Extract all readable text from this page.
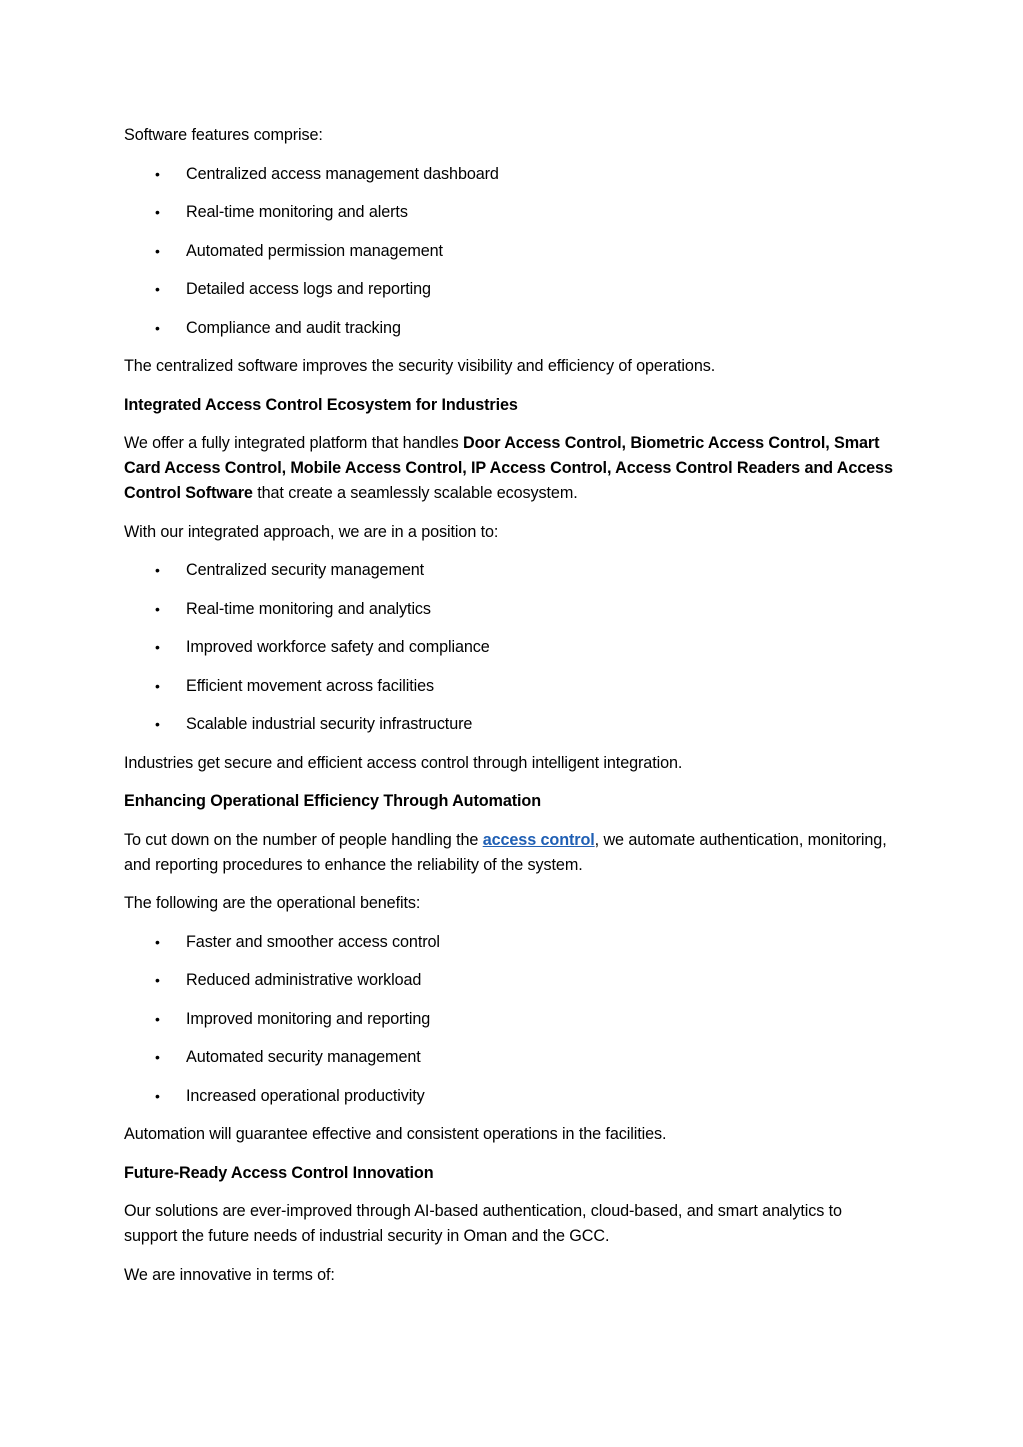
Software features comprise:

• Centralized access management dashboard
• Real-time monitoring and alerts
• Automated permission management
• Detailed access logs and reporting
• Compliance and audit tracking

The centralized software improves the security visibility and efficiency of operations.

Integrated Access Control Ecosystem for Industries

We offer a fully integrated platform that handles Door Access Control, Biometric Access Control, Smart Card Access Control, Mobile Access Control, IP Access Control, Access Control Readers and Access Control Software that create a seamlessly scalable ecosystem.

With our integrated approach, we are in a position to:

• Centralized security management
• Real-time monitoring and analytics
• Improved workforce safety and compliance
• Efficient movement across facilities
• Scalable industrial security infrastructure

Industries get secure and efficient access control through intelligent integration.

Enhancing Operational Efficiency Through Automation

To cut down on the number of people handling the access control, we automate authentication, monitoring, and reporting procedures to enhance the reliability of the system.

The following are the operational benefits:

• Faster and smoother access control
• Reduced administrative workload
• Improved monitoring and reporting
• Automated security management
• Increased operational productivity

Automation will guarantee effective and consistent operations in the facilities.

Future-Ready Access Control Innovation

Our solutions are ever-improved through AI-based authentication, cloud-based, and smart analytics to support the future needs of industrial security in Oman and the GCC.

We are innovative in terms of:
